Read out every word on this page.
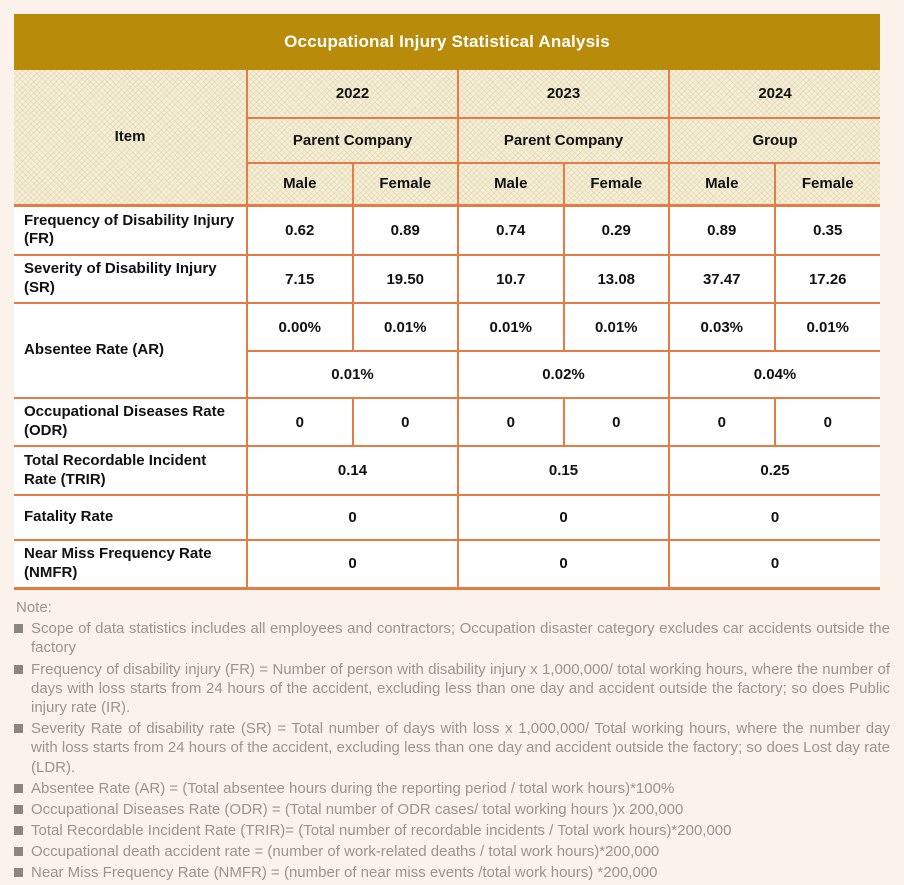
Occupational Injury Statistical Analysis
Item	2022		2023		2024	
	Parent Company		Parent Company		Group	
	Male	Female	Male	Female	Male	Female
Frequency of Disability Injury (FR)	0.62	0.89	0.74	0.29	0.89	0.35
Severity of Disability Injury (SR)	7.15	19.50	10.7	13.08	37.47	17.26
Absentee Rate (AR)	0.00%	0.01%	0.01%	0.01%	0.03%	0.01%
	0.01%		0.02%		0.04%	
Occupational Diseases Rate (ODR)	0	0	0	0	0	0
Total Recordable Incident Rate (TRIR)	0.14		0.15		0.25	
Fatality Rate	0		0		0	
Near Miss Frequency Rate (NMFR)	0		0		0	
Note:
Scope of data statistics includes all employees and contractors; Occupation disaster category excludes car accidents outside the factory
Frequency of disability injury (FR) = Number of person with disability injury x 1,000,000/ total working hours, where the number of days with loss starts from 24 hours of the accident, excluding less than one day and accident outside the factory; so does Public injury rate (IR).
Severity Rate of disability rate (SR) = Total number of days with loss x 1,000,000/ Total working hours, where the number day with loss starts from 24 hours of the accident, excluding less than one day and accident outside the factory; so does Lost day rate (LDR).
Absentee Rate (AR) = (Total absentee hours during the reporting period / total work hours)*100%
Occupational Diseases Rate (ODR) = (Total number of ODR cases/ total working hours )x 200,000
Total Recordable Incident Rate (TRIR)= (Total number of recordable incidents / Total work hours)*200,000
Occupational death accident rate = (number of work-related deaths / total work hours)*200,000
Near Miss Frequency Rate (NMFR) = (number of near miss events /total work hours) *200,000
